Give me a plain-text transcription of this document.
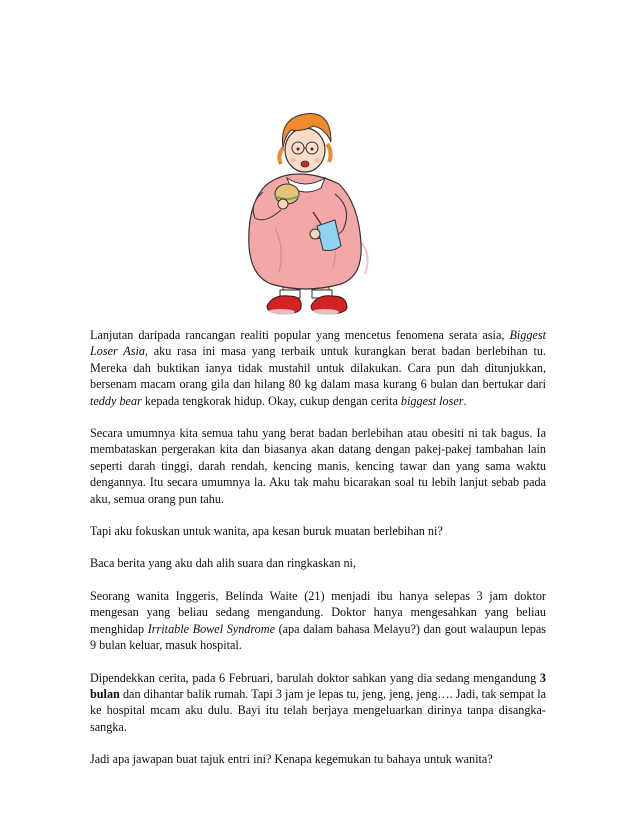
Lanjutan daripada rancangan realiti popular yang mencetus fenomena serata asia, Biggest Loser Asia, aku rasa ini masa yang terbaik untuk kurangkan berat badan berlebihan tu. Mereka dah buktikan ianya tidak mustahil untuk dilakukan. Cara pun dah ditunjukkan, bersenam macam orang gila dan hilang 80 kg dalam masa kurang 6 bulan dan bertukar dari teddy bear kepada tengkorak hidup. Okay, cukup dengan cerita biggest loser.

Secara umumnya kita semua tahu yang berat badan berlebihan atau obesiti ni tak bagus. Ia membataskan pergerakan kita dan biasanya akan datang dengan pakej-pakej tambahan lain seperti darah tinggi, darah rendah, kencing manis, kencing tawar dan yang sama waktu dengannya. Itu secara umumnya la. Aku tak mahu bicarakan soal tu lebih lanjut sebab pada aku, semua orang pun tahu.

Tapi aku fokuskan untuk wanita, apa kesan buruk muatan berlebihan ni?

Baca berita yang aku dah alih suara dan ringkaskan ni,

Seorang wanita Inggeris, Belinda Waite (21) menjadi ibu hanya selepas 3 jam doktor mengesan yang beliau sedang mengandung. Doktor hanya mengesahkan yang beliau menghidap Irritable Bowel Syndrome (apa dalam bahasa Melayu?) dan gout walaupun lepas 9 bulan keluar, masuk hospital.

Dipendekkan cerita, pada 6 Februari, barulah doktor sahkan yang dia sedang mengandung 3 bulan dan dihantar balik rumah. Tapi 3 jam je lepas tu, jeng, jeng, jeng…. Jadi, tak sempat la ke hospital mcam aku dulu. Bayi itu telah berjaya mengeluarkan dirinya tanpa disangka-sangka.

Jadi apa jawapan buat tajuk entri ini? Kenapa kegemukan tu bahaya untuk wanita?
